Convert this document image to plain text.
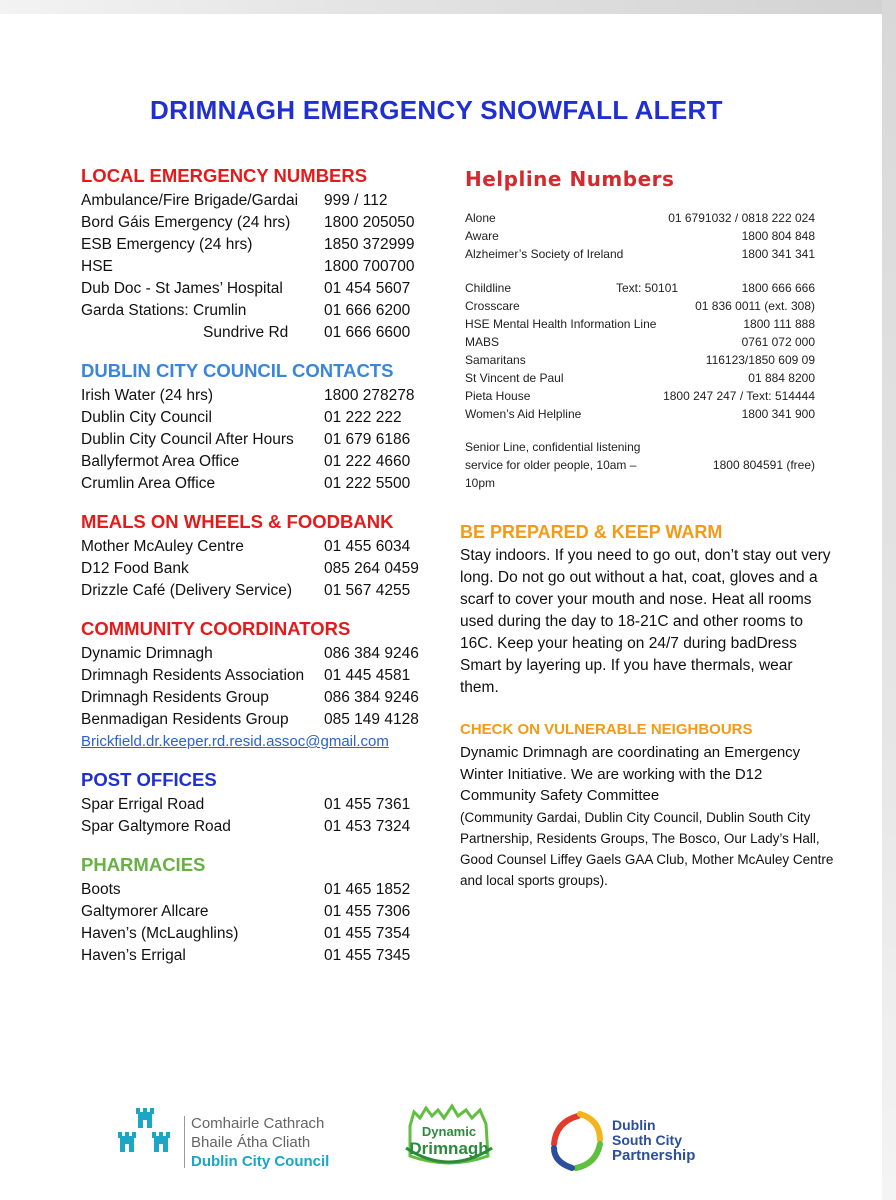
DRIMNAGH EMERGENCY SNOWFALL ALERT
LOCAL EMERGENCY NUMBERS
Ambulance/Fire Brigade/Gardai 999 / 112
Bord Gáis Emergency (24 hrs) 1800 205050
ESB Emergency (24 hrs)	1850 372999
HSE	1800 700700
Dub Doc - St James’ Hospital	01 454 5607
Garda Stations: Crumlin	01 666 6200
Sundrive Rd 01 666 6600
DUBLIN CITY COUNCIL CONTACTS
Irish Water (24 hrs)	1800 278278
Dublin City Council	01 222 222
Dublin City Council After Hours 01 679 6186
Ballyfermot Area Office	01 222 4660
Crumlin Area Office	01 222 5500
MEALS ON WHEELS & FOODBANK
Mother McAuley Centre	01 455 6034
D12 Food Bank	085 264 0459
Drizzle Café (Delivery Service) 01 567 4255
COMMUNITY COORDINATORS
Dynamic Drimnagh	086 384 9246
Drimnagh Residents Association 01 445 4581
Drimnagh Residents Group	086 384 9246
Benmadigan Residents Group 085 149 4128
Brickfield.dr.keeper.rd.resid.assoc@gmail.com
POST OFFICES
Spar Errigal Road	01 455 7361
Spar Galtymore Road	01 453 7324
PHARMACIES
Boots	01 465 1852
Galtymorer Allcare	01 455 7306
Haven’s (McLaughlins)	01 455 7354
Haven’s Errigal	01 455 7345
Helpline Numbers
Alone	01 6791032 / 0818 222 024
Aware	1800 804 848
Alzheimer’s Society of Ireland	1800 341 341
Childline	Text: 50101	1800 666 666
Crosscare	01 836 0011 (ext. 308)
HSE Mental Health Information Line	1800 111 888
MABS	0761 072 000
Samaritans	116123/1850 609 09
St Vincent de Paul	01 884 8200
Pieta House	1800 247 247 / Text: 514444
Women’s Aid Helpline	1800 341 900
Senior Line, confidential listening service for older people, 10am – 10pm
1800 804591 (free)
BE PREPARED & KEEP WARM
Stay indoors. If you need to go out, don’t stay out very long. Do not go out without a hat, coat, gloves and a scarf to cover your mouth and nose. Heat all rooms used during the day to 18-21C and other rooms to 16C. Keep your heating on 24/7 during badDress Smart by layering up. If you have thermals, wear them.
CHECK ON VULNERABLE NEIGHBOURS
Dynamic Drimnagh are coordinating an Emergency Winter Initiative. We are working with the D12 Community Safety Committee
(Community Gardai, Dublin City Council, Dublin South City Partnership, Residents Groups, The Bosco, Our Lady’s Hall, Good Counsel Liffey Gaels GAA Club, Mother McAuley Centre and local sports groups).
Comhairle Cathrach
Bhaile Átha Cliath
Dublin City Council
Dynamic
Drimnagh
Dublin
South City
Partnership
